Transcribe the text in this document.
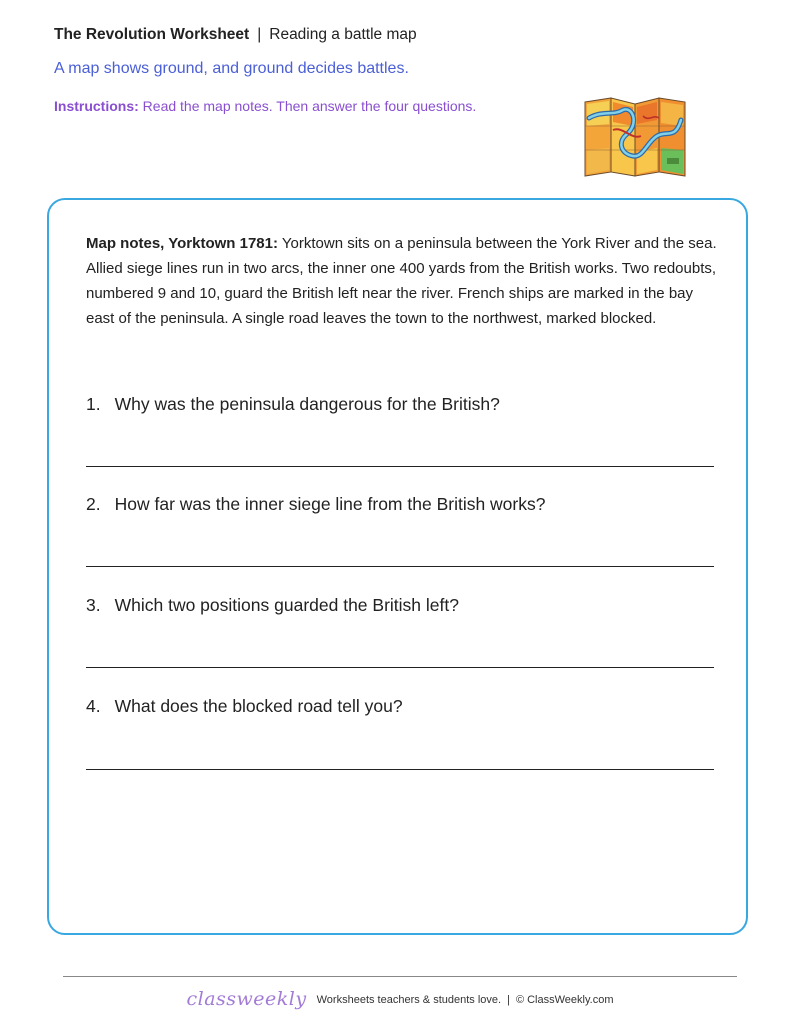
The Revolution Worksheet | Reading a battle map
A map shows ground, and ground decides battles.
Instructions: Read the map notes. Then answer the four questions.
Map notes, Yorktown 1781: Yorktown sits on a peninsula between the York River and the sea. Allied siege lines run in two arcs, the inner one 400 yards from the British works. Two redoubts, numbered 9 and 10, guard the British left near the river. French ships are marked in the bay east of the peninsula. A single road leaves the town to the northwest, marked blocked.
1. Why was the peninsula dangerous for the British?
2. How far was the inner siege line from the British works?
3. Which two positions guarded the British left?
4. What does the blocked road tell you?
classweekly Worksheets teachers & students love. | © ClassWeekly.com
